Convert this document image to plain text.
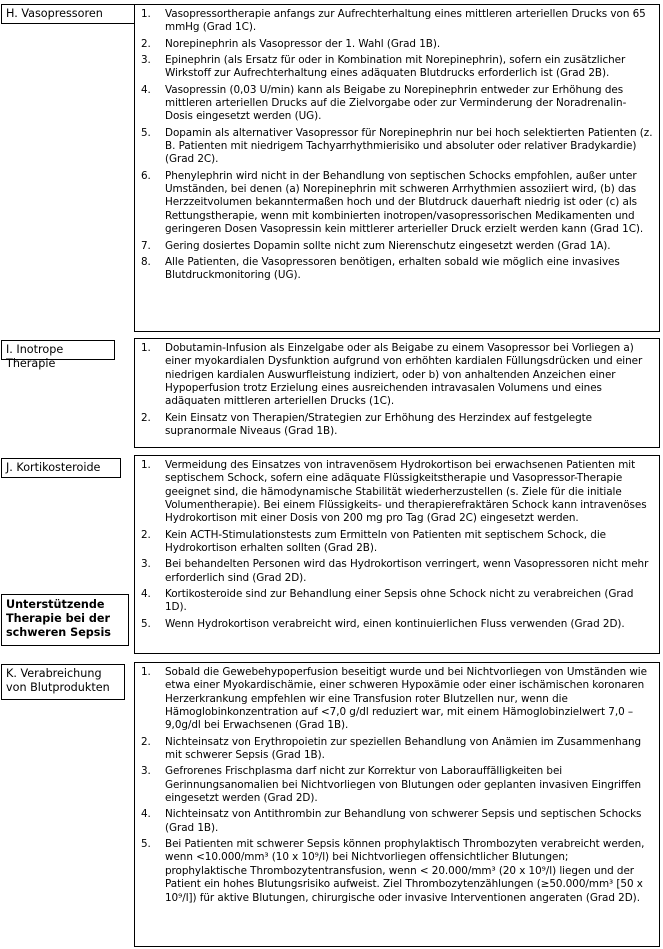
H. Vasopressoren	1. Vasopressortherapie anfangs zur Aufrechterhaltung eines mittleren arteriellen Drucks von 65 mmHg (Grad 1C).
2. Norepinephrin als Vasopressor der 1. Wahl (Grad 1B).
3. Epinephrin (als Ersatz für oder in Kombination mit Norepinephrin), sofern ein zusätzlicher Wirkstoff zur Aufrechterhaltung eines adäquaten Blutdrucks erforderlich ist (Grad 2B).
4. Vasopressin (0,03 U/min) kann als Beigabe zu Norepinephrin entweder zur Erhöhung des mittleren arteriellen Drucks auf die Zielvorgabe oder zur Verminderung der Noradrenalin-Dosis eingesetzt werden (UG).
5. Dopamin als alternativer Vasopressor für Norepinephrin nur bei hoch selektierten Patienten (z. B. Patienten mit niedrigem Tachyarrhythmierisiko und absoluter oder relativer Bradykardie) (Grad 2C).
6. Phenylephrin wird nicht in der Behandlung von septischen Schocks empfohlen, außer unter Umständen, bei denen (a) Norepinephrin mit schweren Arrhythmien assoziiert wird, (b) das Herzzeitvolumen bekanntermaßen hoch und der Blutdruck dauerhaft niedrig ist oder (c) als Rettungstherapie, wenn mit kombinierten inotropen/vasopressorischen Medikamenten und geringeren Dosen Vasopressin kein mittlerer arterieller Druck erzielt werden kann (Grad 1C).
7. Gering dosiertes Dopamin sollte nicht zum Nierenschutz eingesetzt werden (Grad 1A).
8. Alle Patienten, die Vasopressoren benötigen, erhalten sobald wie möglich eine invasives Blutdruckmonitoring (UG).
I. Inotrope Therapie
1. Dobutamin-Infusion als Einzelgabe oder als Beigabe zu einem Vasopressor bei Vorliegen a) einer myokardialen Dysfunktion aufgrund von erhöhten kardialen Füllungsdrücken und einer niedrigen kardialen Auswurfleistung indiziert, oder b) von anhaltenden Anzeichen einer Hypoperfusion trotz Erzielung eines ausreichenden intravasalen Volumens und eines adäquaten mittleren arteriellen Drucks (1C).
2. Kein Einsatz von Therapien/Strategien zur Erhöhung des Herzindex auf festgelegte supranormale Niveaus (Grad 1B).
J. Kortikosteroide	1. Vermeidung des Einsatzes von intravenösem Hydrokortison bei erwachsenen Patienten mit septischem Schock, sofern eine adäquate Flüssigkeitstherapie und Vasopressor-Therapie geeignet sind, die hämodynamische Stabilität wiederherzustellen (s. Ziele für die initiale Volumentherapie). Bei einem Flüssigkeits- und therapierefraktären Schock kann intravenöses Hydrokortison mit einer Dosis von 200 mg pro Tag (Grad 2C) eingesetzt werden.
2. Kein ACTH-Stimulationstests zum Ermitteln von Patienten mit septischem Schock, die Hydrokortison erhalten sollten (Grad 2B).
3. Bei behandelten Personen wird das Hydrokortison verringert, wenn Vasopressoren nicht mehr erforderlich sind (Grad 2D).
4. Kortikosteroide sind zur Behandlung einer Sepsis ohne Schock nicht zu verabreichen (Grad 1D).
5. Wenn Hydrokortison verabreicht wird, einen kontinuierlichen Fluss verwenden (Grad 2D).
Unterstützende Therapie bei der schweren Sepsis
K. Verabreichung von Blutprodukten
1. Sobald die Gewebehypoperfusion beseitigt wurde und bei Nichtvorliegen von Umständen wie etwa einer Myokardischämie, einer schweren Hypoxämie oder einer ischämischen koronaren Herzerkrankung empfehlen wir eine Transfusion roter Blutzellen nur, wenn die Hämoglobinkonzentration auf <7,0 g/dl reduziert war, mit einem Hämoglobinzielwert 7,0 – 9,0g/dl bei Erwachsenen (Grad 1B).
2. Nichteinsatz von Erythropoietin zur speziellen Behandlung von Anämien im Zusammenhang mit schwerer Sepsis (Grad 1B).
3. Gefrorenes Frischplasma darf nicht zur Korrektur von Laborauffälligkeiten bei Gerinnungsanomalien bei Nichtvorliegen von Blutungen oder geplanten invasiven Eingriffen eingesetzt werden (Grad 2D).
4. Nichteinsatz von Antithrombin zur Behandlung von schwerer Sepsis und septischen Schocks (Grad 1B).
5. Bei Patienten mit schwerer Sepsis können prophylaktisch Thrombozyten verabreicht werden, wenn <10.000/mm³ (10 x 10⁹/l) bei Nichtvorliegen offensichtlicher Blutungen; prophylaktische Thrombozytentransfusion, wenn < 20.000/mm³ (20 x 10⁹/l) liegen und der Patient ein hohes Blutungsrisiko aufweist. Ziel Thrombozytenzählungen (≥50.000/mm³ [50 x 10⁹/l]) für aktive Blutungen, chirurgische oder invasive Interventionen angeraten (Grad 2D).
